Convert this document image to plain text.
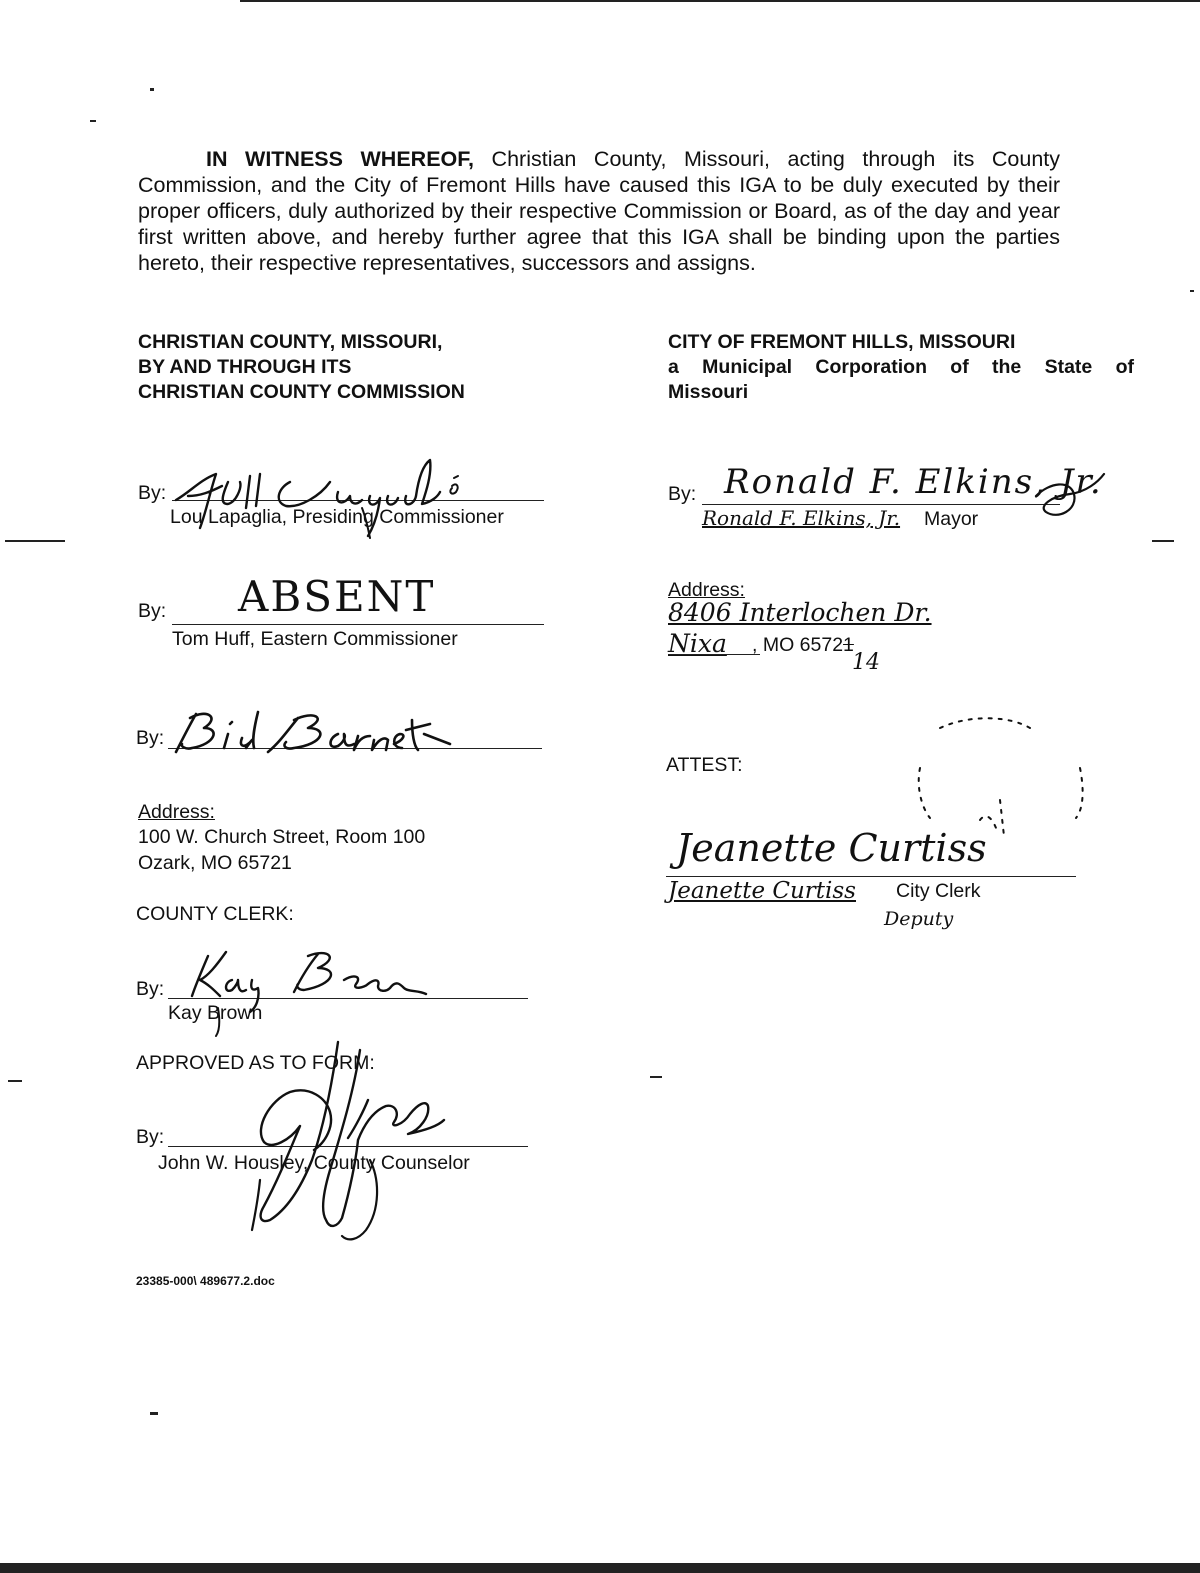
IN WITNESS WHEREOF, Christian County, Missouri, acting through its County Commission, and the City of Fremont Hills have caused this IGA to be duly executed by their proper officers, duly authorized by their respective Commission or Board, as of the day and year first written above, and hereby further agree that this IGA shall be binding upon the parties hereto, their respective representatives, successors and assigns.
CHRISTIAN COUNTY, MISSOURI,
BY AND THROUGH ITS
CHRISTIAN COUNTY COMMISSION
CITY OF FREMONT HILLS, MISSOURI
a Municipal Corporation of the State of
Missouri
By:
Lou Lapaglia, Presiding Commissioner
By: ABSENT
Tom Huff, Eastern Commissioner
By:
Address:
100 W. Church Street, Room 100
Ozark, MO 65721
COUNTY CLERK:
By:
Kay Brown
APPROVED AS TO FORM:
By:
John W. Housley, County Counselor
23385-000\ 489677.2.doc
By: Ronald F. Elkins, Jr.
Ronald F. Elkins, Jr. Mayor
Address:
8406 Interlochen Dr.
Nixa , MO 65721
14
ATTEST:
Jeanette Curtiss
Jeanette Curtiss City Clerk
Deputy
